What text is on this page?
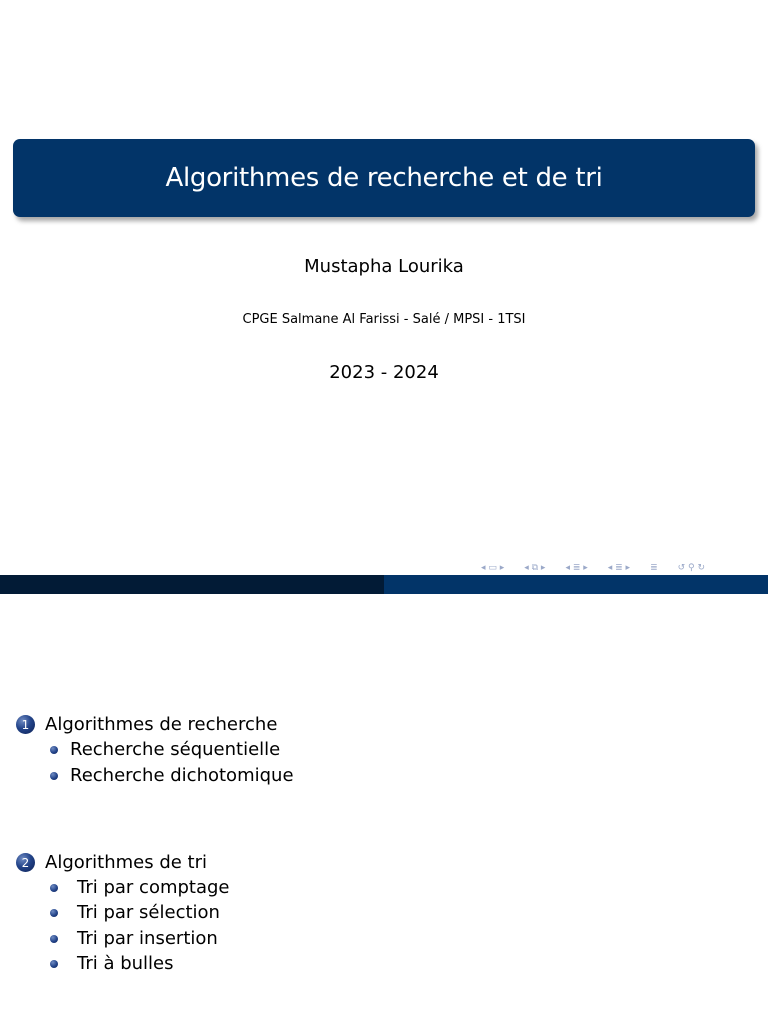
Algorithmes de recherche et de tri
Mustapha Lourika
CPGE Salmane Al Farissi - Salé / MPSI - 1TSI
2023 - 2024
◂ ▭ ▸ ◂ ⧉ ▸ ◂ ≣ ▸ ◂ ≣ ▸ ≣ ↺ ⚲ ↻
1 Algorithmes de recherche
Recherche séquentielle
Recherche dichotomique
2 Algorithmes de tri
Tri par comptage
Tri par sélection
Tri par insertion
Tri à bulles
